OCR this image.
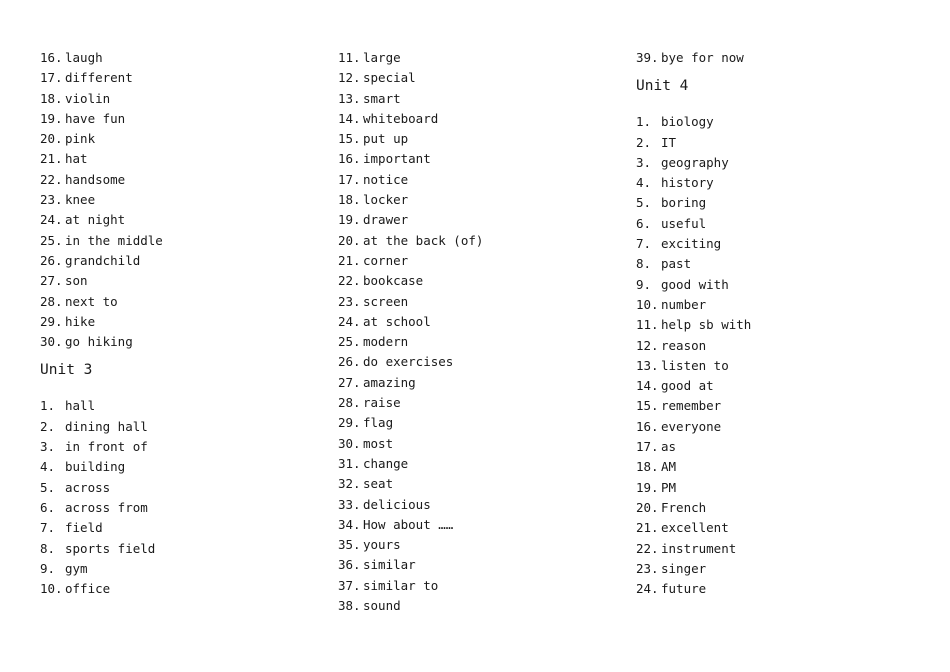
16. laugh
17. different
18. violin
19. have fun
20. pink
21. hat
22. handsome
23. knee
24. at night
25. in the middle
26. grandchild
27. son
28. next to
29. hike
30. go hiking
Unit 3
1. hall
2. dining hall
3. in front of
4. building
5. across
6. across from
7. field
8. sports field
9. gym
10. office
11. large
12. special
13. smart
14. whiteboard
15. put up
16. important
17. notice
18. locker
19. drawer
20. at the back (of)
21. corner
22. bookcase
23. screen
24. at school
25. modern
26. do exercises
27. amazing
28. raise
29. flag
30. most
31. change
32. seat
33. delicious
34. How about ……
35. yours
36. similar
37. similar to
38. sound
39. bye for now
Unit 4
1. biology
2. IT
3. geography
4. history
5. boring
6. useful
7. exciting
8. past
9. good with
10. number
11. help sb with
12. reason
13. listen to
14. good at
15. remember
16. everyone
17. as
18. AM
19. PM
20. French
21. excellent
22. instrument
23. singer
24. future
